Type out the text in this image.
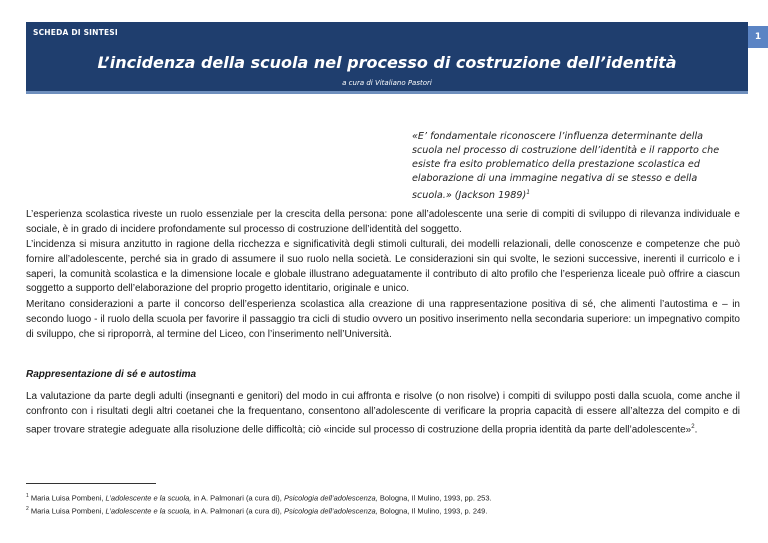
SCHEDA DI SINTESI
L’incidenza della scuola nel processo di costruzione dell’identità
a cura di Vitaliano Pastori
1
«E’ fondamentale riconoscere l’influenza determinante della scuola nel processo di costruzione dell’identità e il rapporto che esiste fra esito problematico della prestazione scolastica ed elaborazione di una immagine negativa di se stesso e della scuola.» (Jackson 1989)$^1$

L’esperienza scolastica riveste un ruolo essenziale per la crescita della persona: pone all’adolescente una serie di compiti di sviluppo di rilevanza individuale e sociale, è in grado di incidere profondamente sul processo di costruzione dell’identità del soggetto.

L’incidenza si misura anzitutto in ragione della ricchezza e significatività degli stimoli culturali, dei modelli relazionali, delle conoscenze e competenze che può fornire all’adolescente, perché sia in grado di assumere il suo ruolo nella società. Le considerazioni sin qui svolte, le sezioni successive, inerenti il curricolo e i saperi, la comunità scolastica e la dimensione locale e globale illustrano adeguatamente il contributo di alto profilo che l’esperienza liceale può offrire a ciascun soggetto a supporto dell’elaborazione del proprio progetto identitario, originale e unico.

Meritano considerazioni a parte il concorso dell’esperienza scolastica alla creazione di una rappresentazione positiva di sé, che alimenti l’autostima e – in secondo luogo - il ruolo della scuola per favorire il passaggio tra cicli di studio ovvero un positivo inserimento nella secondaria superiore: un impegnativo compito di sviluppo, che si riproporrà, al termine del Liceo, con l’inserimento nell’Università.

Rappresentazione di sé e autostima

La valutazione da parte degli adulti (insegnanti e genitori) del modo in cui affronta e risolve (o non risolve) i compiti di sviluppo posti dalla scuola, come anche il confronto con i risultati degli altri coetanei che la frequentano, consentono all’adolescente di verificare la propria capacità di essere all’altezza del compito e di saper trovare strategie adeguate alla risoluzione delle difficoltà; ciò «incide sul processo di costruzione della propria identità da parte dell’adolescente»$^2$.

$^1$ Maria Luisa Pombeni, L’adolescente e la scuola, in A. Palmonari (a cura di), Psicologia dell’adolescenza, Bologna, Il Mulino, 1993, pp. 253.
$^2$ Maria Luisa Pombeni, L’adolescente e la scuola, in A. Palmonari (a cura di), Psicologia dell’adolescenza, Bologna, Il Mulino, 1993, p. 249.
